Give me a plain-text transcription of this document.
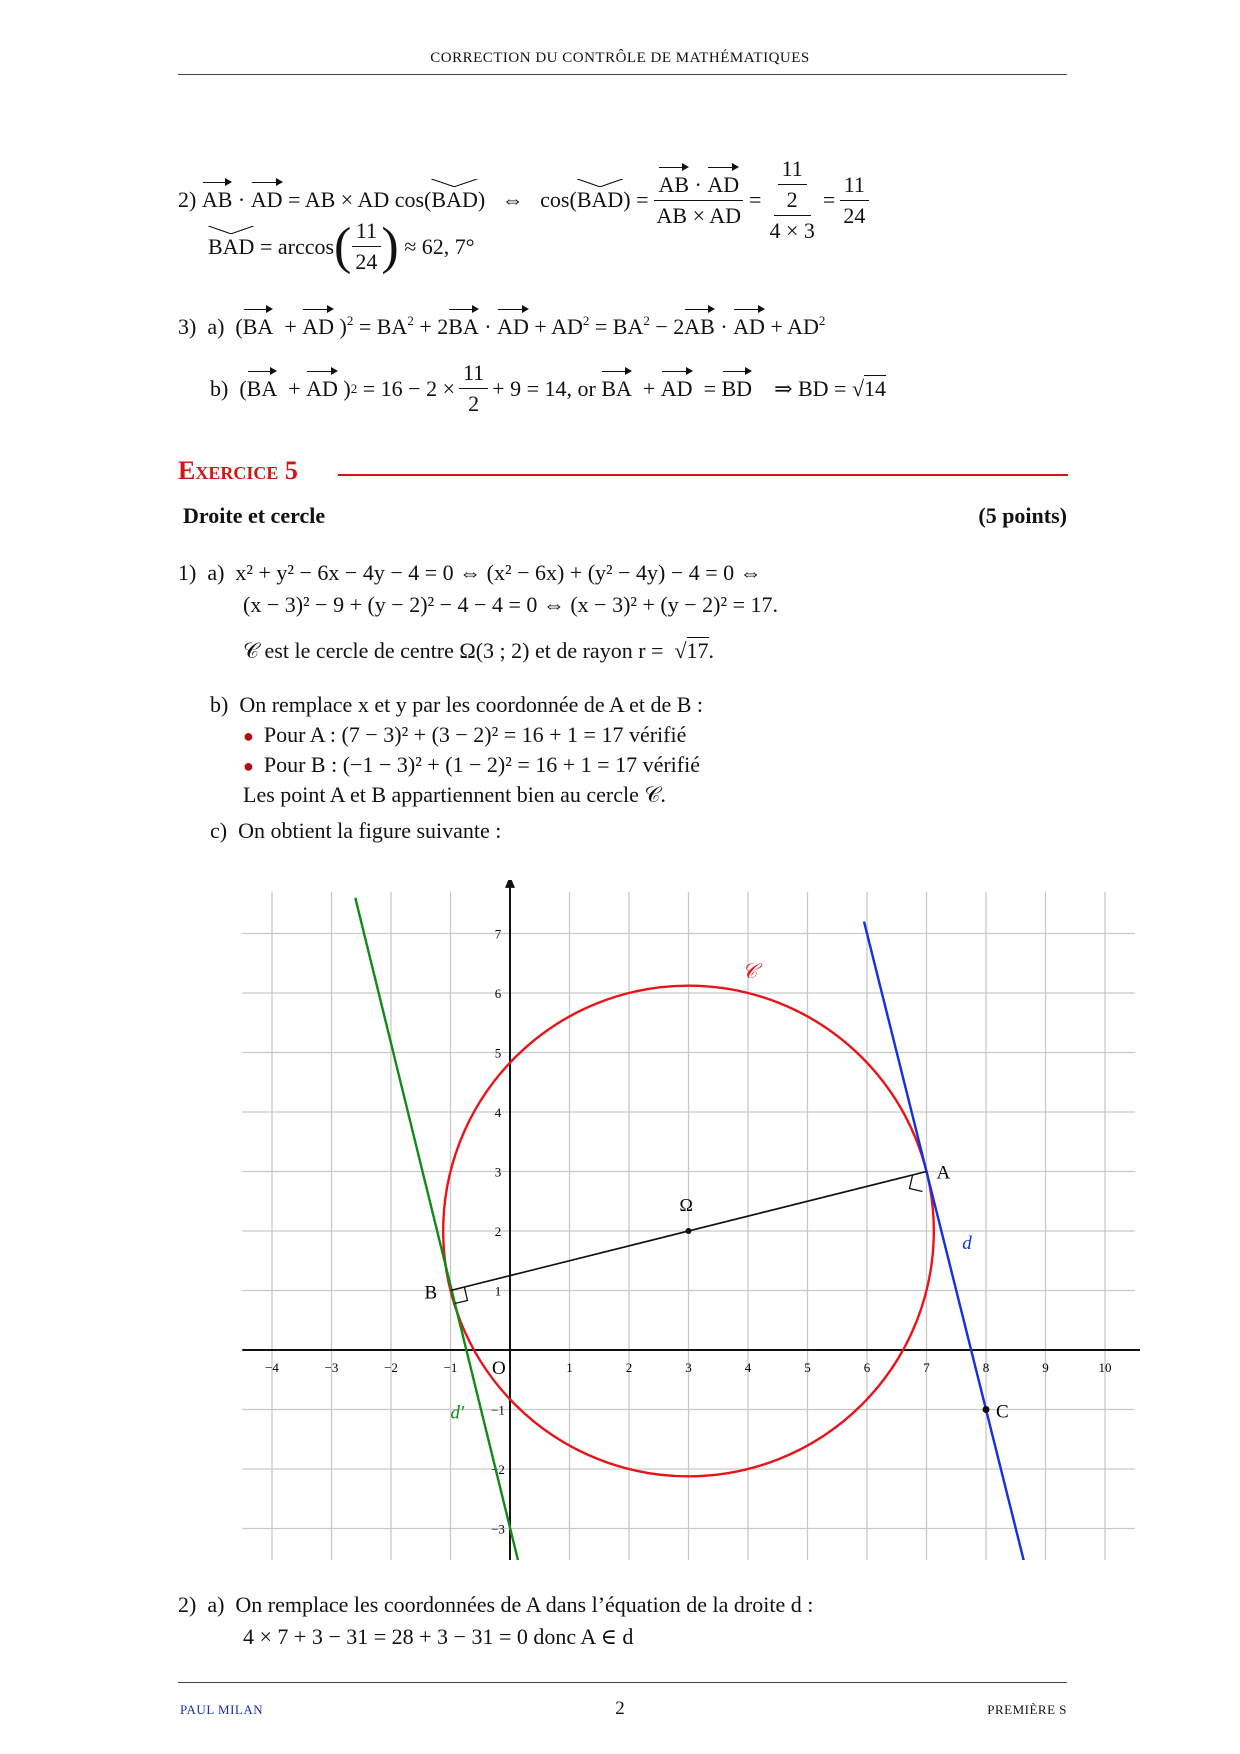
CORRECTION DU CONTRÔLE DE MATHÉMATIQUES
2)
AB · AD
= AB × AD cos( BAD )
⇔
cos( BAD ) = $\frac{AB \cdot AD}{AB \times AD} = \frac{\frac{11}{2}}{4 \times 3} = \frac{11}{24}$
BAD
= arccos ( $\frac{11}{24}$ )
≈ 62, 7°
3) a)  (BA  + AD )$^2 = BA^2 + 2BA$ · AD + $AD^2 = BA^2 - 2AB$ · AD + $AD^2$
b) ( BA + AD ) 2
= $16 - 2 \times \frac{11}{2} + 9 = 14$, or
BA + AD = BD
⇒ BD =
√14
Exercice 5
Droite et cercle	(5 points)
1) a) x² + y² − 6x − 4y − 4 = 0 ⇔ (x² − 6x) + (y² − 4y) − 4 = 0 ⇔
(x − 3)² − 9 + (y − 2)² − 4 − 4 = 0 ⇔ (x − 3)² + (y − 2)² = 17.
𝒞 est le cercle de centre Ω(3 ; 2) et de rayon r = √17.
b) On remplace x et y par les coordonnée de A et de B :
● Pour A : (7 − 3)² + (3 − 2)² = 16 + 1 = 17 vérifié
● Pour B : (−1 − 3)² + (1 − 2)² = 16 + 1 = 17 vérifié
Les point A et B appartiennent bien au cercle 𝒞.
c) On obtient la figure suivante :
−4	−3	−2	−1	1	2	3	4	5	6	7	8	9	10
−3
−2
−1
1
2
3
4
5
6
7
O
𝒞
d
d′
Ω
A
B
C
2) a) On remplace les coordonnées de A dans l’équation de la droite d :
4 × 7 + 3 − 31 = 28 + 3 − 31 = 0 donc A ∈ d
PAUL MILAN	2	PREMIÈRE S
